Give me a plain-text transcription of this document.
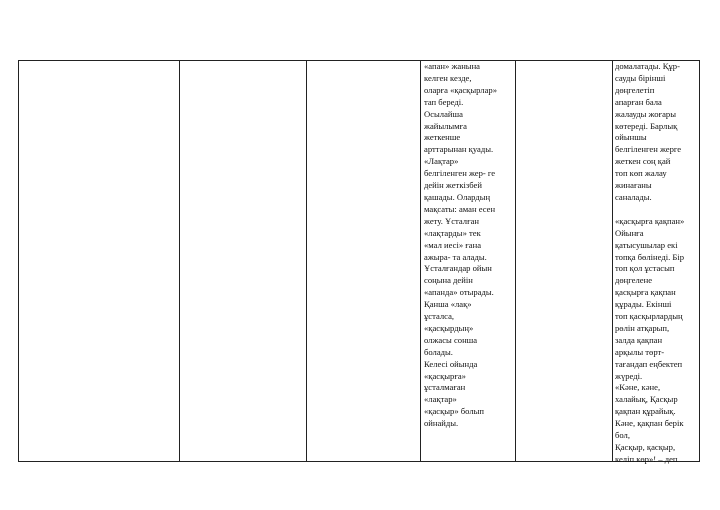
«апан» жанына
келген кезде,
оларға «қасқырлар»
тап береді.
Осылайша
жайылымға
жеткенше
арттарынан қуады.
«Лақтар»
белгіленген жер- ге
дейін жеткізбей
қашады. Олардың
мақсаты: аман есен
жету. Ұсталған
«лақтарды» тек
«мал иесі» ғана
ажыра- та алады.
Ұсталғандар ойын
соңына дейін
«апанда» отырады.
Қанша «лақ»
ұсталса,
«қасқырдың»
олжасы сонша
болады.
Келесі ойында
«қасқырға»
ұсталмаған
«лақтар»
«қасқыр» болып
ойнайды.
домалатады. Құр-
сауды бірінші
дөңгелетіп
апарған бала
жалауды жоғары
көтереді. Барлық
ойыншы
белгіленген жерге
жеткен соң қай
топ көп жалау
жинағаны
саналады.

«қасқырға қақпан»
Ойынға
қатысушылар екі
топқа бөлінеді. Бір
топ қол ұстасып
дөңгелене
қасқырға қақпан
құрады. Екінші
топ қасқырлардың
рөлін атқарып,
залда қақпан
арқылы төрт-
тағандап еңбектеп
жүреді.
«Кәне, кәне,
халайық, Қасқыр
қақпан құрайық.
Кәне, қақпан берік
бол,
Қасқыр, қасқыр,
келіп көр»! – деп
